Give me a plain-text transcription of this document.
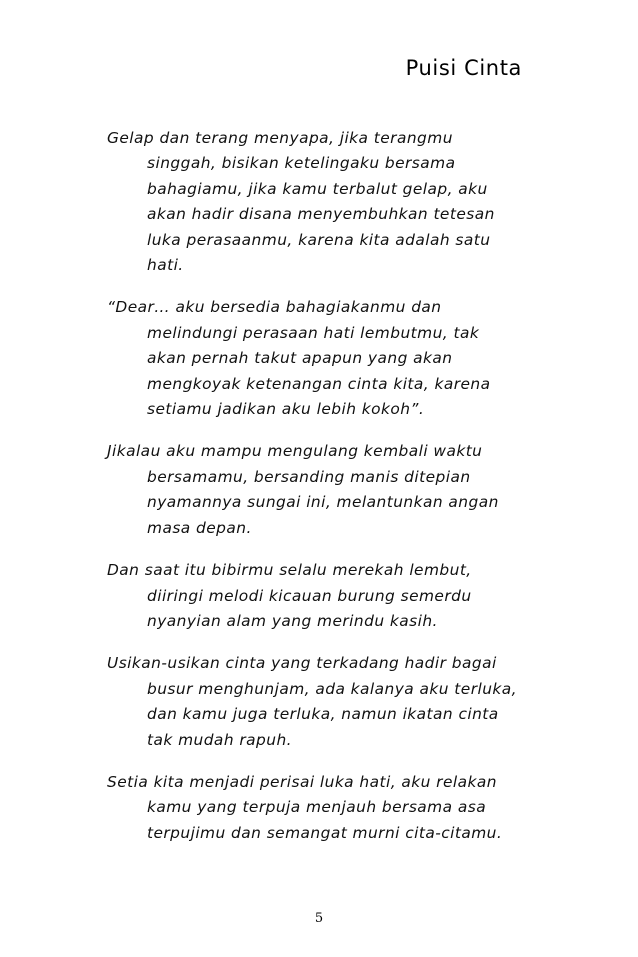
Puisi Cinta
Gelap dan terang menyapa, jika terangmu
singgah, bisikan ketelingaku bersama
bahagiamu, jika kamu terbalut gelap, aku
akan hadir disana menyembuhkan tetesan
luka perasaanmu, karena kita adalah satu
hati.
“Dear… aku bersedia bahagiakanmu dan
melindungi perasaan hati lembutmu, tak
akan pernah takut apapun yang akan
mengkoyak ketenangan cinta kita, karena
setiamu jadikan aku lebih kokoh”.
Jikalau aku mampu mengulang kembali waktu
bersamamu, bersanding manis ditepian
nyamannya sungai ini, melantunkan angan
masa depan.
Dan saat itu bibirmu selalu merekah lembut,
diiringi melodi kicauan burung semerdu
nyanyian alam yang merindu kasih.
Usikan-usikan cinta yang terkadang hadir bagai
busur menghunjam, ada kalanya aku terluka,
dan kamu juga terluka, namun ikatan cinta
tak mudah rapuh.
Setia kita menjadi perisai luka hati, aku relakan
kamu yang terpuja menjauh bersama asa
terpujimu dan semangat murni cita-citamu.
5
